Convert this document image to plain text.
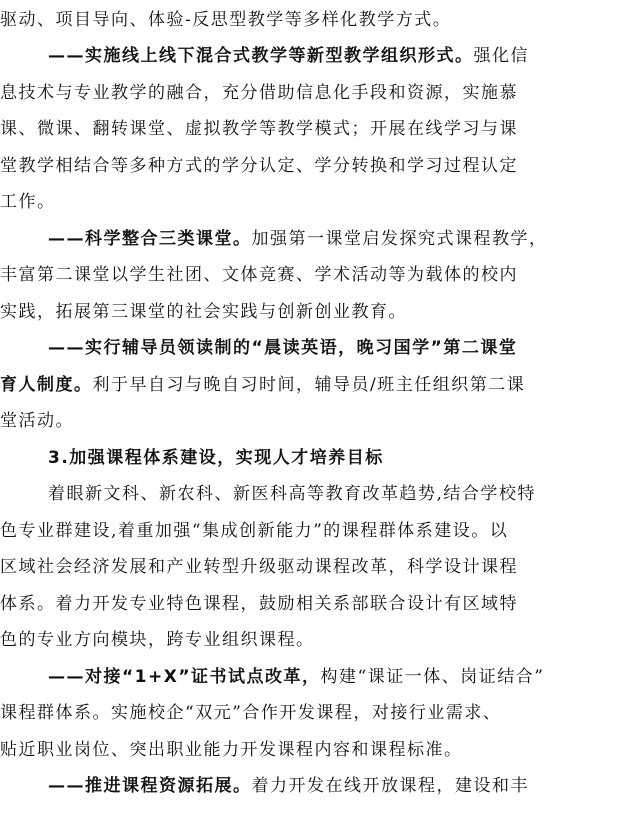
驱动、项目导向、体验-反思型教学等多样化教学方式。
——实施线上线下混合式教学等新型教学组织形式。强化信
息技术与专业教学的融合，充分借助信息化手段和资源，实施慕
课、微课、翻转课堂、虚拟教学等教学模式；开展在线学习与课
堂教学相结合等多种方式的学分认定、学分转换和学习过程认定
工作。
——科学整合三类课堂。加强第一课堂启发探究式课程教学，
丰富第二课堂以学生社团、文体竞赛、学术活动等为载体的校内
实践，拓展第三课堂的社会实践与创新创业教育。
——实行辅导员领读制的“晨读英语，晚习国学”第二课堂
育人制度。利于早自习与晚自习时间，辅导员/班主任组织第二课
堂活动。
3.加强课程体系建设，实现人才培养目标
着眼新文科、新农科、新医科高等教育改革趋势,结合学校特
色专业群建设,着重加强“集成创新能力”的课程群体系建设。以
区域社会经济发展和产业转型升级驱动课程改革，科学设计课程
体系。着力开发专业特色课程，鼓励相关系部联合设计有区域特
色的专业方向模块，跨专业组织课程。
——对接“1+X”证书试点改革，构建“课证一体、岗证结合”
课程群体系。实施校企“双元”合作开发课程，对接行业需求、
贴近职业岗位、突出职业能力开发课程内容和课程标准。
——推进课程资源拓展。着力开发在线开放课程，建设和丰
